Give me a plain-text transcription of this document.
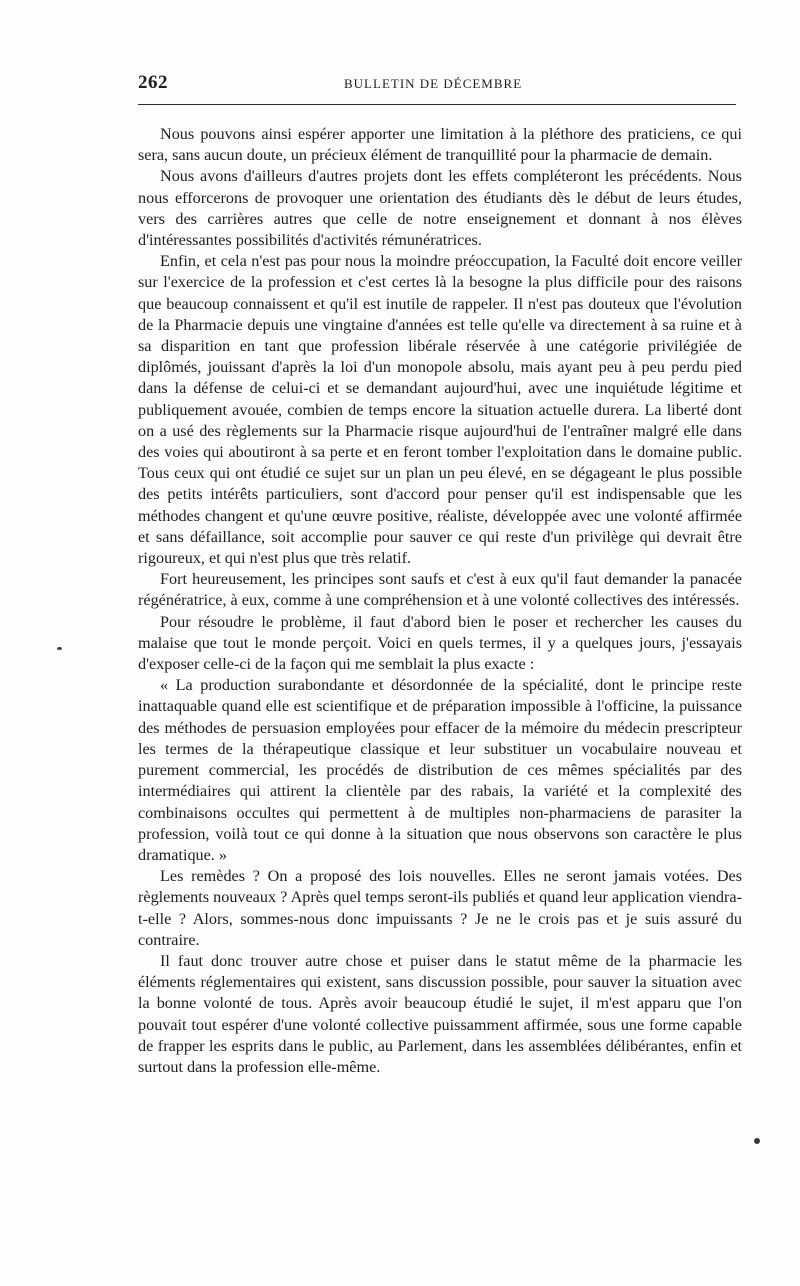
262	BULLETIN DE DÉCEMBRE

Nous pouvons ainsi espérer apporter une limitation à la pléthore des praticiens, ce qui sera, sans aucun doute, un précieux élément de tranquillité pour la pharmacie de demain.

Nous avons d'ailleurs d'autres projets dont les effets compléteront les précédents. Nous nous efforcerons de provoquer une orientation des étudiants dès le début de leurs études, vers des carrières autres que celle de notre enseignement et donnant à nos élèves d'intéressantes possibilités d'activités rémunératrices.

Enfin, et cela n'est pas pour nous la moindre préoccupation, la Faculté doit encore veiller sur l'exercice de la profession et c'est certes là la besogne la plus difficile pour des raisons que beaucoup connaissent et qu'il est inutile de rappeler. Il n'est pas douteux que l'évolution de la Pharmacie depuis une vingtaine d'années est telle qu'elle va directement à sa ruine et à sa disparition en tant que profession libérale réservée à une catégorie privilégiée de diplômés, jouissant d'après la loi d'un monopole absolu, mais ayant peu à peu perdu pied dans la défense de celui-ci et se demandant aujourd'hui, avec une inquiétude légitime et publiquement avouée, combien de temps encore la situation actuelle durera. La liberté dont on a usé des règlements sur la Pharmacie risque aujourd'hui de l'entraîner malgré elle dans des voies qui aboutiront à sa perte et en feront tomber l'exploitation dans le domaine public. Tous ceux qui ont étudié ce sujet sur un plan un peu élevé, en se dégageant le plus possible des petits intérêts particuliers, sont d'accord pour penser qu'il est indispensable que les méthodes changent et qu'une œuvre positive, réaliste, développée avec une volonté affirmée et sans défaillance, soit accomplie pour sauver ce qui reste d'un privilège qui devrait être rigoureux, et qui n'est plus que très relatif.

Fort heureusement, les principes sont saufs et c'est à eux qu'il faut demander la panacée régénératrice, à eux, comme à une compréhension et à une volonté collectives des intéressés.

Pour résoudre le problème, il faut d'abord bien le poser et rechercher les causes du malaise que tout le monde perçoit. Voici en quels termes, il y a quelques jours, j'essayais d'exposer celle-ci de la façon qui me semblait la plus exacte :

« La production surabondante et désordonnée de la spécialité, dont le principe reste inattaquable quand elle est scientifique et de préparation impossible à l'officine, la puissance des méthodes de persuasion employées pour effacer de la mémoire du médecin prescripteur les termes de la thérapeutique classique et leur substituer un vocabulaire nouveau et purement commercial, les procédés de distribution de ces mêmes spécialités par des intermédiaires qui attirent la clientèle par des rabais, la variété et la complexité des combinaisons occultes qui permettent à de multiples non-pharmaciens de parasiter la profession, voilà tout ce qui donne à la situation que nous observons son caractère le plus dramatique. »

Les remèdes ? On a proposé des lois nouvelles. Elles ne seront jamais votées. Des règlements nouveaux ? Après quel temps seront-ils publiés et quand leur application viendra-t-elle ? Alors, sommes-nous donc impuissants ? Je ne le crois pas et je suis assuré du contraire.

Il faut donc trouver autre chose et puiser dans le statut même de la pharmacie les éléments réglementaires qui existent, sans discussion possible, pour sauver la situation avec la bonne volonté de tous. Après avoir beaucoup étudié le sujet, il m'est apparu que l'on pouvait tout espérer d'une volonté collective puissamment affirmée, sous une forme capable de frapper les esprits dans le public, au Parlement, dans les assemblées délibérantes, enfin et surtout dans la profession elle-même.
